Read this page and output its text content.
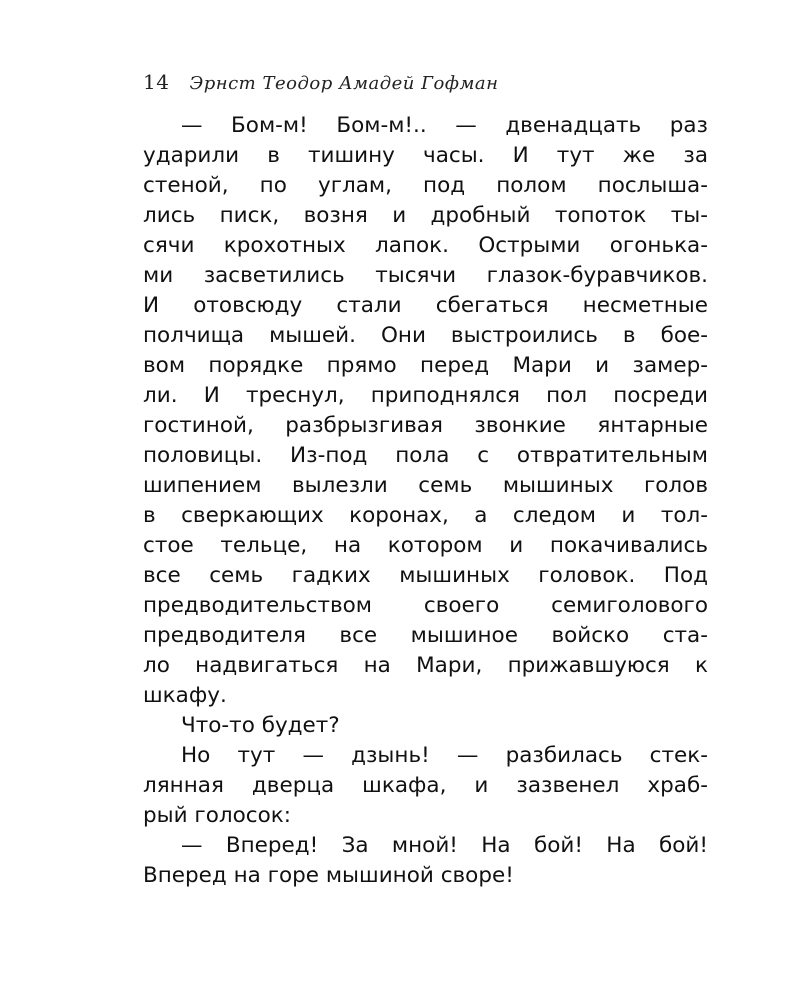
14 Эрнст Теодор Амадей Гофман
— Бом-м! Бом-м!.. — двенадцать раз
ударили в тишину часы. И тут же за
стеной, по углам, под полом послыша-
лись писк, возня и дробный топоток ты-
сячи крохотных лапок. Острыми огонька-
ми засветились тысячи глазок-буравчиков.
И отовсюду стали сбегаться несметные
полчища мышей. Они выстроились в бое-
вом порядке прямо перед Мари и замер-
ли. И треснул, приподнялся пол посреди
гостиной, разбрызгивая звонкие янтарные
половицы. Из-под пола с отвратительным
шипением вылезли семь мышиных голов
в сверкающих коронах, а следом и тол-
стое тельце, на котором и покачивались
все семь гадких мышиных головок. Под
предводительством своего семиголового
предводителя все мышиное войско ста-
ло надвигаться на Мари, прижавшуюся к
шкафу.
Что-то будет?
Но тут — дзынь! — разбилась стек-
лянная дверца шкафа, и зазвенел храб-
рый голосок:
— Вперед! За мной! На бой! На бой!
Вперед на горе мышиной своре!
